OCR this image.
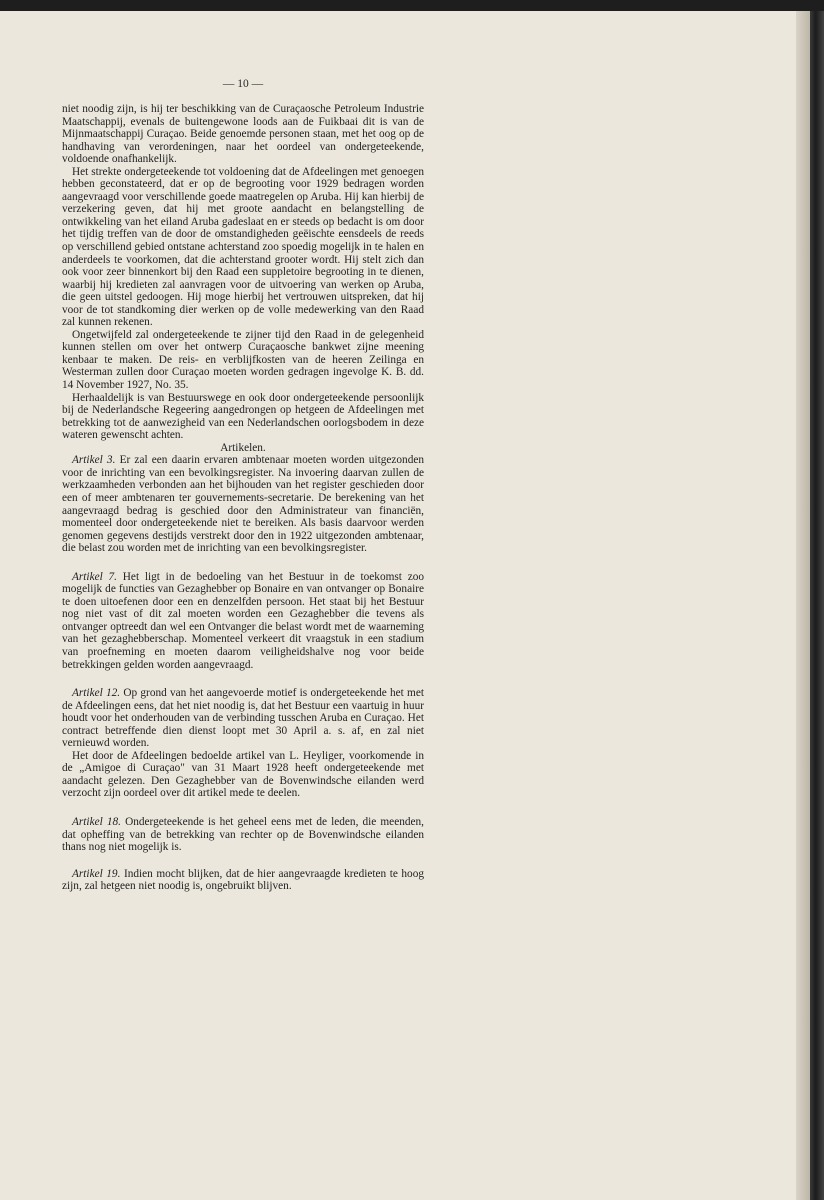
— 10 —

niet noodig zijn, is hij ter beschikking van de Curaçaosche Petroleum Industrie Maatschappij, evenals de buitengewone loods aan de Fuikbaai dit is van de Mijnmaatschappij Curaçao. Beide genoemde personen staan, met het oog op de handhaving van verordeningen, naar het oordeel van ondergeteekende, voldoende onafhankelijk.

Het strekte ondergeteekende tot voldoening dat de Afdeelingen met genoegen hebben geconstateerd, dat er op de begrooting voor 1929 bedragen worden aangevraagd voor verschillende goede maatregelen op Aruba. Hij kan hierbij de verzekering geven, dat hij met groote aandacht en belangstelling de ontwikkeling van het eiland Aruba gadeslaat en er steeds op bedacht is om door het tijdig treffen van de door de omstandigheden geëischte eensdeels de reeds op verschillend gebied ontstane achterstand zoo spoedig mogelijk in te halen en anderdeels te voorkomen, dat die achterstand grooter wordt. Hij stelt zich dan ook voor zeer binnenkort bij den Raad een suppletoire begrooting in te dienen, waarbij hij kredieten zal aanvragen voor de uitvoering van werken op Aruba, die geen uitstel gedoogen. Hij moge hierbij het vertrouwen uitspreken, dat hij voor de tot standkoming dier werken op de volle medewerking van den Raad zal kunnen rekenen.

Ongetwijfeld zal ondergeteekende te zijner tijd den Raad in de gelegenheid kunnen stellen om over het ontwerp Curaçaosche bankwet zijne meening kenbaar te maken. De reis- en verblijfkosten van de heeren Zeilinga en Westerman zullen door Curaçao moeten worden gedragen ingevolge K. B. dd. 14 November 1927, No. 35.

Herhaaldelijk is van Bestuurswege en ook door ondergeteekende persoonlijk bij de Nederlandsche Regeering aangedrongen op hetgeen de Afdeelingen met betrekking tot de aanwezigheid van een Nederlandschen oorlogsbodem in deze wateren gewenscht achten.

Artikelen.

Artikel 3. Er zal een daarin ervaren ambtenaar moeten worden uitgezonden voor de inrichting van een bevolkingsregister. Na invoering daarvan zullen de werkzaamheden verbonden aan het bijhouden van het register geschieden door een of meer ambtenaren ter gouvernements-secretarie. De berekening van het aangevraagd bedrag is geschied door den Administrateur van financiën, momenteel door ondergeteekende niet te bereiken. Als basis daarvoor werden genomen gegevens destijds verstrekt door den in 1922 uitgezonden ambtenaar, die belast zou worden met de inrichting van een bevolkingsregister.

Artikel 7. Het ligt in de bedoeling van het Bestuur in de toekomst zoo mogelijk de functies van Gezaghebber op Bonaire en van ontvanger op Bonaire te doen uitoefenen door een en denzelfden persoon. Het staat bij het Bestuur nog niet vast of dit zal moeten worden een Gezaghebber die tevens als ontvanger optreedt dan wel een Ontvanger die belast wordt met de waarneming van het gezaghebberschap. Momenteel verkeert dit vraagstuk in een stadium van proefneming en moeten daarom veiligheidshalve nog voor beide betrekkingen gelden worden aangevraagd.

Artikel 12. Op grond van het aangevoerde motief is ondergeteekende het met de Afdeelingen eens, dat het niet noodig is, dat het Bestuur een vaartuig in huur houdt voor het onderhouden van de verbinding tusschen Aruba en Curaçao. Het contract betreffende dien dienst loopt met 30 April a. s. af, en zal niet vernieuwd worden.

Het door de Afdeelingen bedoelde artikel van L. Heyliger, voorkomende in de „Amigoe di Curaçao" van 31 Maart 1928 heeft ondergeteekende met aandacht gelezen. Den Gezaghebber van de Bovenwindsche eilanden werd verzocht zijn oordeel over dit artikel mede te deelen.

Artikel 18. Ondergeteekende is het geheel eens met de leden, die meenden, dat opheffing van de betrekking van rechter op de Bovenwindsche eilanden thans nog niet mogelijk is.

Artikel 19. Indien mocht blijken, dat de hier aangevraagde kredieten te hoog zijn, zal hetgeen niet noodig is, ongebruikt blijven.
